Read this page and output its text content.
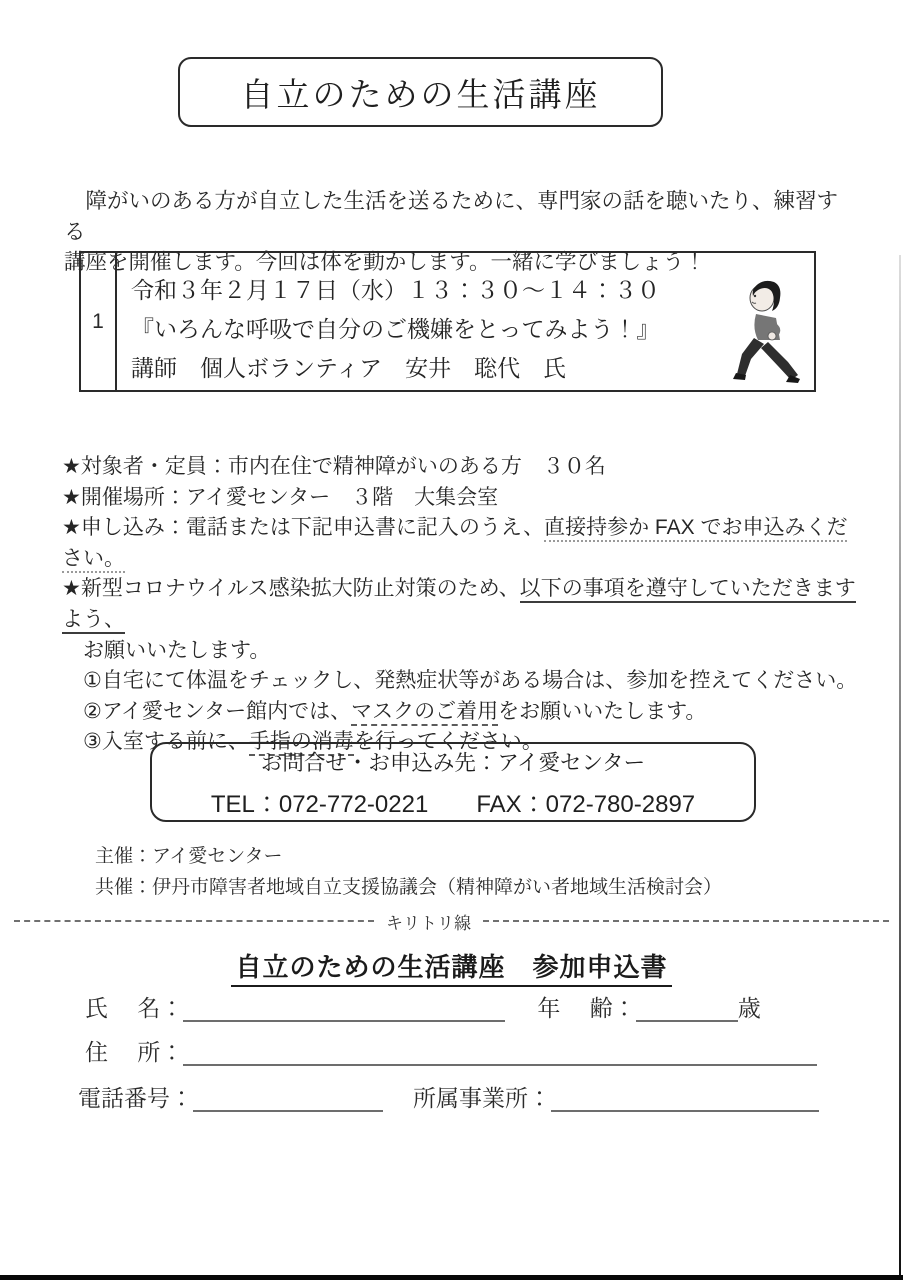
自立のための生活講座
障がいのある方が自立した生活を送るために、専門家の話を聴いたり、練習する
講座を開催します。今回は体を動かします。一緒に学びましょう！
1
令和３年２月１７日（水）１３：３０～１４：３０
『いろんな呼吸で自分のご機嫌をとってみよう！』
講師　個人ボランティア　安井　聡代　氏
★対象者・定員：市内在住で精神障がいのある方　３０名
★開催場所：アイ愛センター　３階　大集会室
★申し込み：電話または下記申込書に記入のうえ、直接持参か FAX でお申込みください。
★新型コロナウイルス感染拡大防止対策のため、以下の事項を遵守していただきますよう、
お願いいたします。
①自宅にて体温をチェックし、発熱症状等がある場合は、参加を控えてください。
②アイ愛センター館内では、マスクのご着用をお願いいたします。
③入室する前に、手指の消毒を行ってください。
お問合せ・お申込み先：アイ愛センター
TEL：072-772-0221 FAX：072-780-2897
主催：アイ愛センター
共催：伊丹市障害者地域自立支援協議会（精神障がい者地域生活検討会）
キリトリ線
自立のための生活講座　参加申込書
氏　 名：	年　 齢：	歳
住　 所：
電話番号：	所属事業所：
